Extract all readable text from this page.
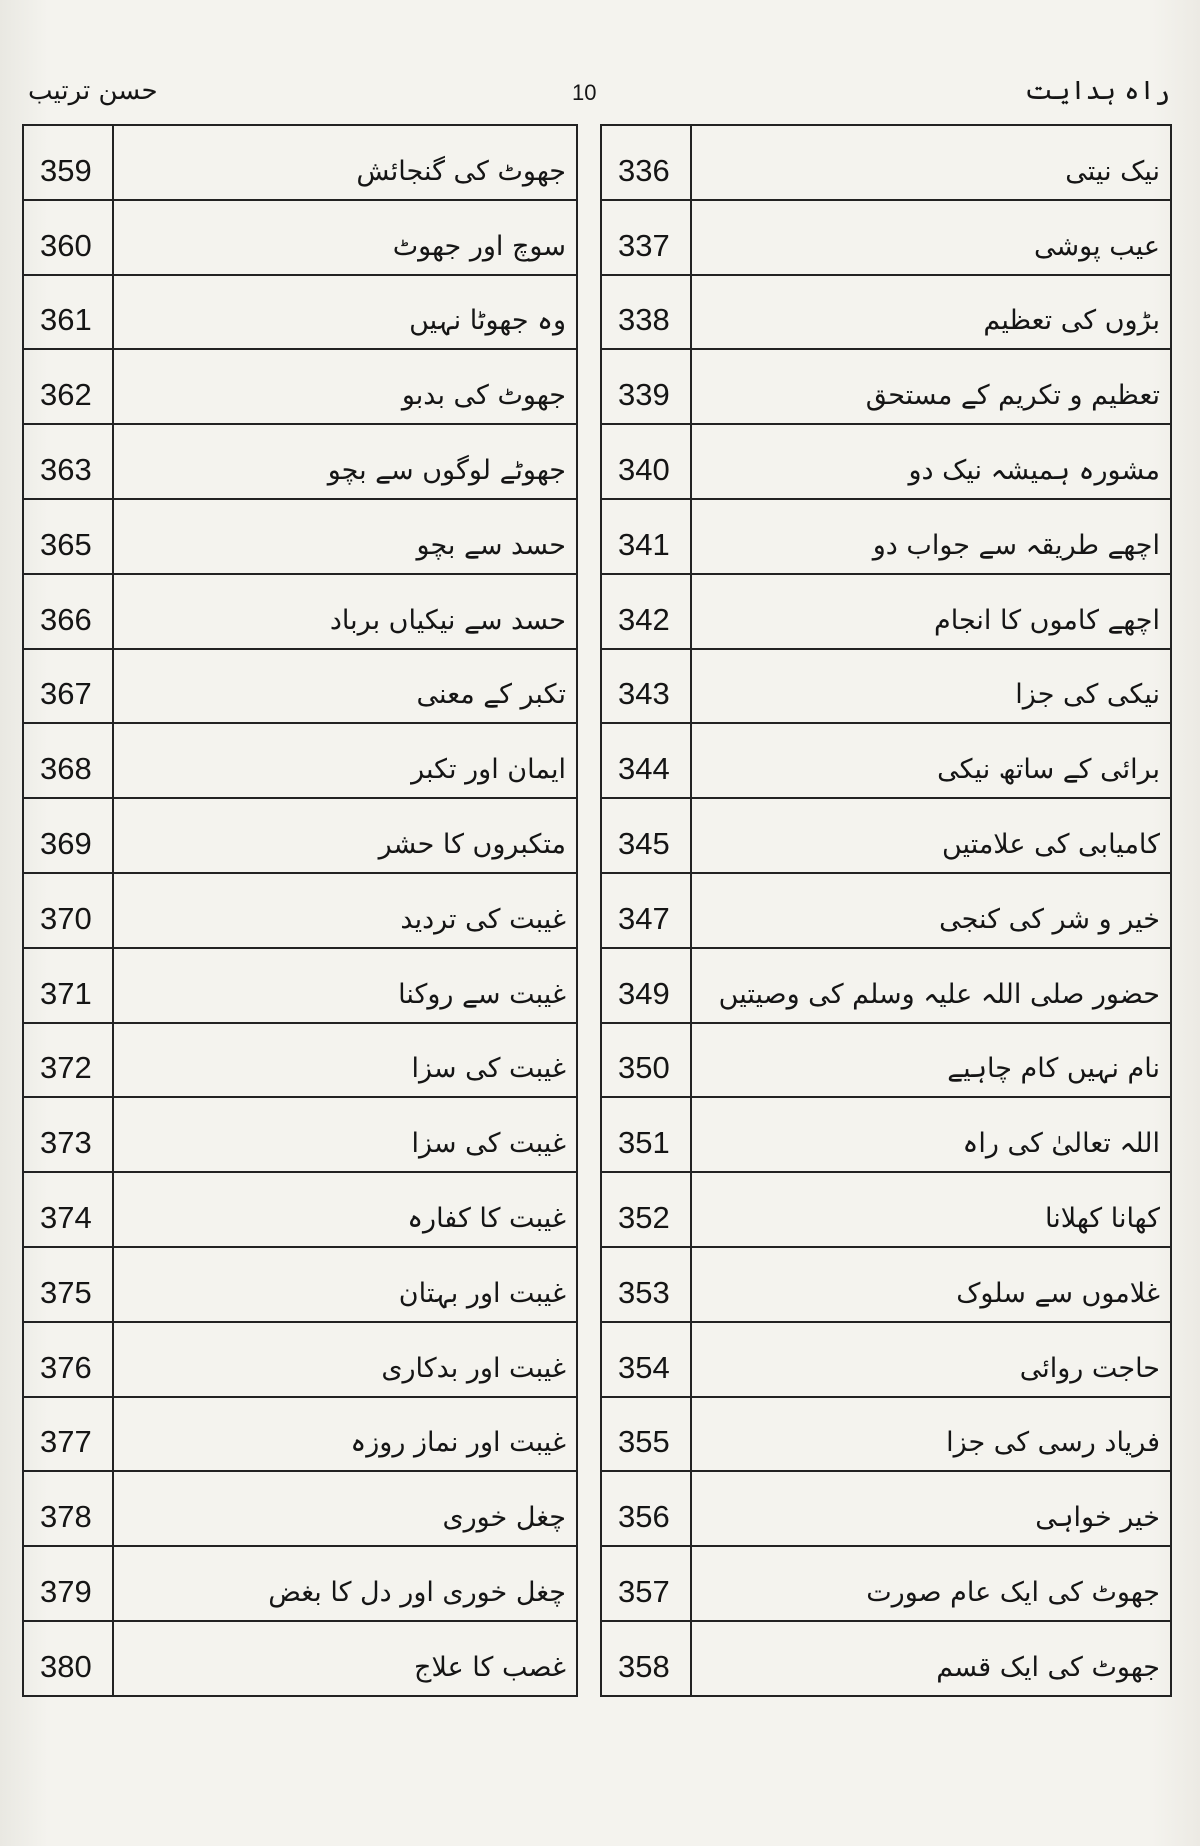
حسن ترتیب	10	راہ ہدایت
359	جھوٹ کی گنجائش
360	سوچ اور جھوٹ
361	وہ جھوٹا نہیں
362	جھوٹ کی بدبو
363	جھوٹے لوگوں سے بچو
365	حسد سے بچو
366	حسد سے نیکیاں برباد
367	تکبر کے معنی
368	ایمان اور تکبر
369	متکبروں کا حشر
370	غیبت کی تردید
371	غیبت سے روکنا
372	غیبت کی سزا
373	غیبت کی سزا
374	غیبت کا کفارہ
375	غیبت اور بہتان
376	غیبت اور بدکاری
377	غیبت اور نماز روزہ
378	چغل خوری
379	چغل خوری اور دل کا بغض
380	غصب کا علاج
336	نیک نیتی
337	عیب پوشی
338	بڑوں کی تعظیم
339	تعظیم و تکریم کے مستحق
340	مشورہ ہمیشہ نیک دو
341	اچھے طریقہ سے جواب دو
342	اچھے کاموں کا انجام
343	نیکی کی جزا
344	برائی کے ساتھ نیکی
345	کامیابی کی علامتیں
347	خیر و شر کی کنجی
349	حضور صلی اللہ علیہ وسلم کی وصیتیں
350	نام نہیں کام چاہیے
351	اللہ تعالیٰ کی راہ
352	کھانا کھلانا
353	غلاموں سے سلوک
354	حاجت روائی
355	فریاد رسی کی جزا
356	خیر خواہی
357	جھوٹ کی ایک عام صورت
358	جھوٹ کی ایک قسم
